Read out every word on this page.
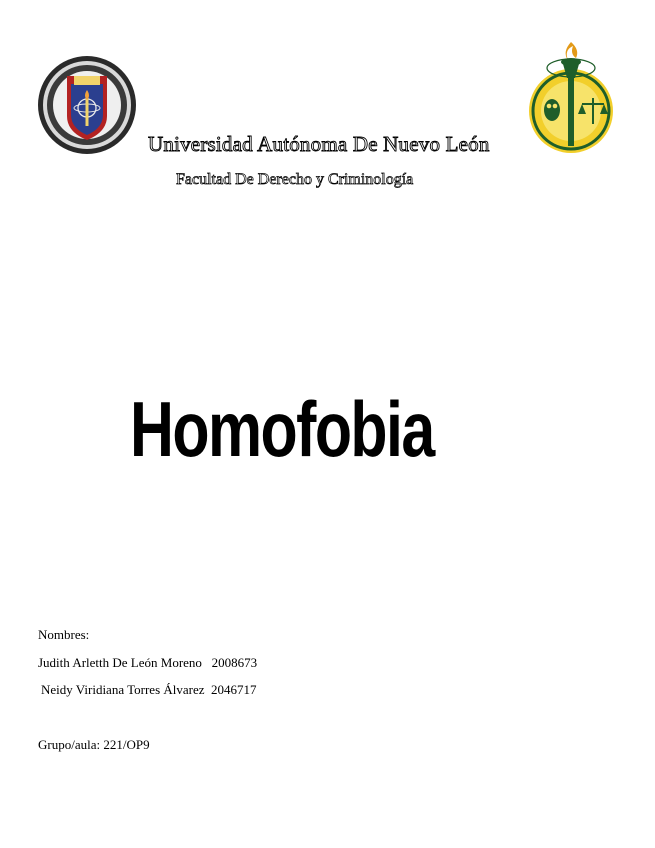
Universidad Autónoma De Nuevo León
Facultad De Derecho y Criminología
Homofobia
Nombres:
Judith Arletth De León Moreno 2008673
Neidy Viridiana Torres Álvarez 2046717
Grupo/aula: 221/OP9
